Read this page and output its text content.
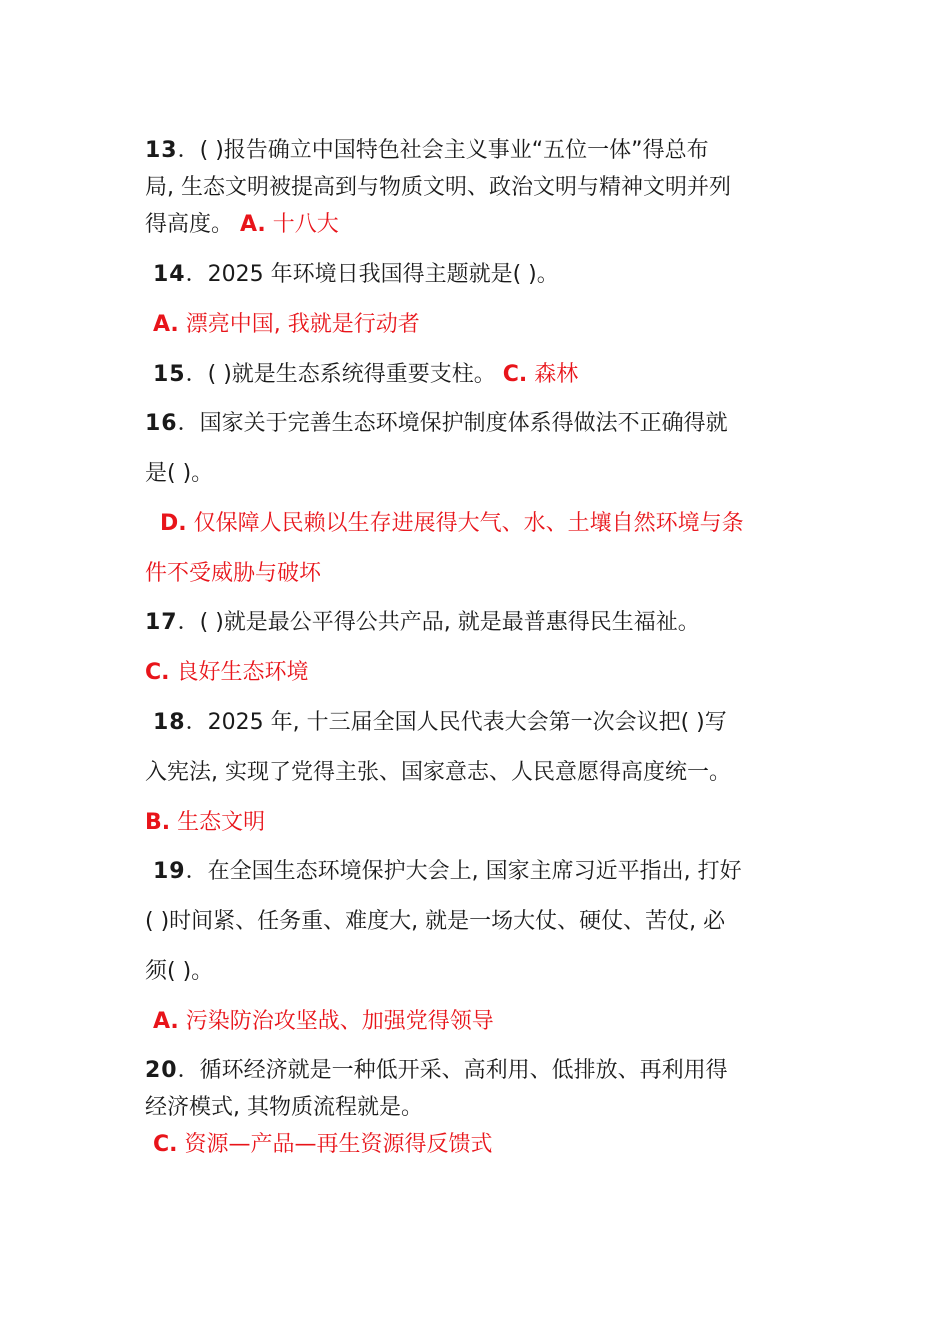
13．( )报告确立中国特色社会主义事业“五位一体”得总布
局, 生态文明被提高到与物质文明、政治文明与精神文明并列
得高度。 A. 十八大
14．2025 年环境日我国得主题就是( )。
A. 漂亮中国, 我就是行动者
15．( )就是生态系统得重要支柱。 C. 森林
16．国家关于完善生态环境保护制度体系得做法不正确得就
是( )。
D. 仅保障人民赖以生存进展得大气、水、土壤自然环境与条
件不受威胁与破坏
17．( )就是最公平得公共产品, 就是最普惠得民生福祉。
C. 良好生态环境
18．2025 年, 十三届全国人民代表大会第一次会议把( )写
入宪法, 实现了党得主张、国家意志、人民意愿得高度统一。
B. 生态文明
19．在全国生态环境保护大会上, 国家主席习近平指出, 打好
( )时间紧、任务重、难度大, 就是一场大仗、硬仗、苦仗, 必
须( )。
A. 污染防治攻坚战、加强党得领导
20．循环经济就是一种低开采、高利用、低排放、再利用得
经济模式, 其物质流程就是。
C. 资源—产品—再生资源得反馈式
